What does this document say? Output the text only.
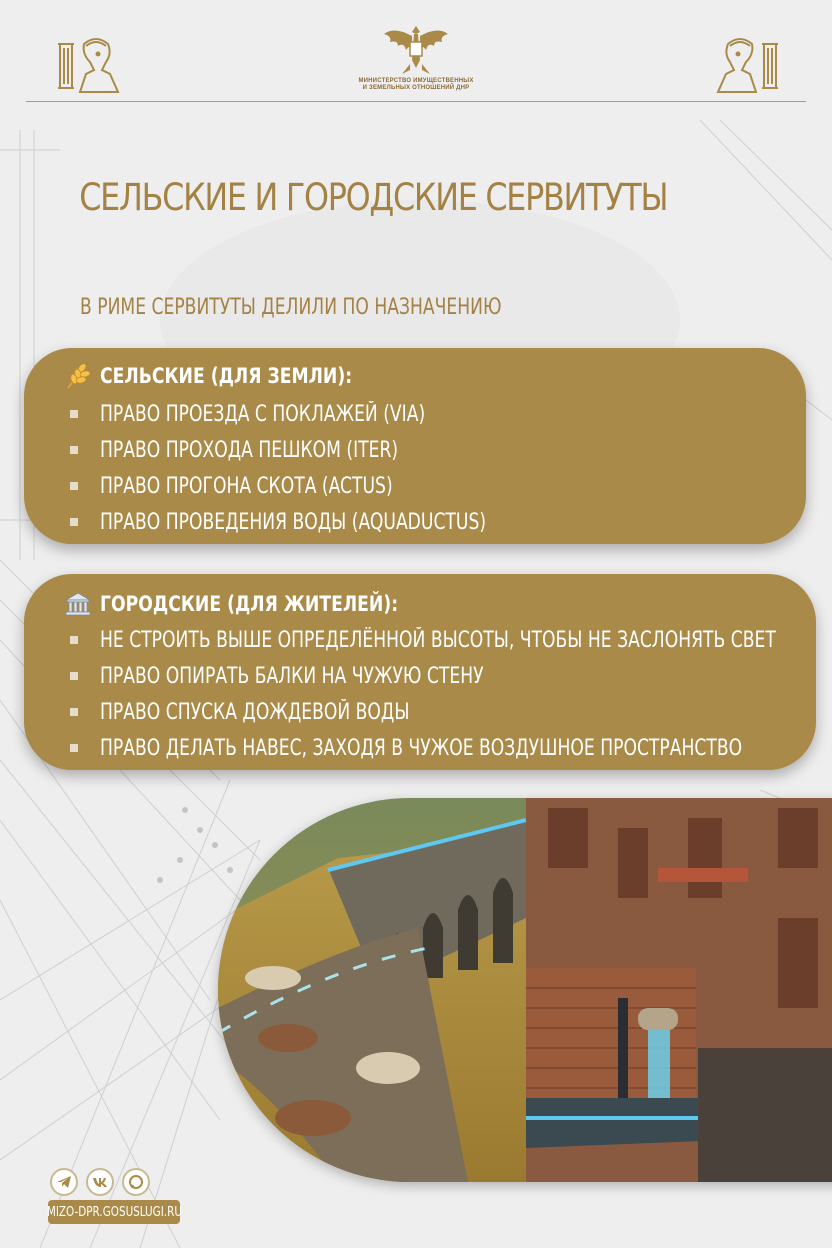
МИНИСТЕРСТВО ИМУЩЕСТВЕННЫХ
И ЗЕМЕЛЬНЫХ ОТНОШЕНИЙ ДНР
СЕЛЬСКИЕ И ГОРОДСКИЕ СЕРВИТУТЫ
В РИМЕ СЕРВИТУТЫ ДЕЛИЛИ ПО НАЗНАЧЕНИЮ
СЕЛЬСКИЕ (ДЛЯ ЗЕМЛИ):
ПРАВО ПРОЕЗДА С ПОКЛАЖЕЙ (VIA)
ПРАВО ПРОХОДА ПЕШКОМ (ITER)
ПРАВО ПРОГОНА СКОТА (ACTUS)
ПРАВО ПРОВЕДЕНИЯ ВОДЫ (AQUADUCTUS)
ГОРОДСКИЕ (ДЛЯ ЖИТЕЛЕЙ):
НЕ СТРОИТЬ ВЫШЕ ОПРЕДЕЛЁННОЙ ВЫСОТЫ, ЧТОБЫ НЕ ЗАСЛОНЯТЬ СВЕТ
ПРАВО ОПИРАТЬ БАЛКИ НА ЧУЖУЮ СТЕНУ
ПРАВО СПУСКА ДОЖДЕВОЙ ВОДЫ
ПРАВО ДЕЛАТЬ НАВЕС, ЗАХОДЯ В ЧУЖОЕ ВОЗДУШНОЕ ПРОСТРАНСТВО
MIZO-DPR.GOSUSLUGI.RU
